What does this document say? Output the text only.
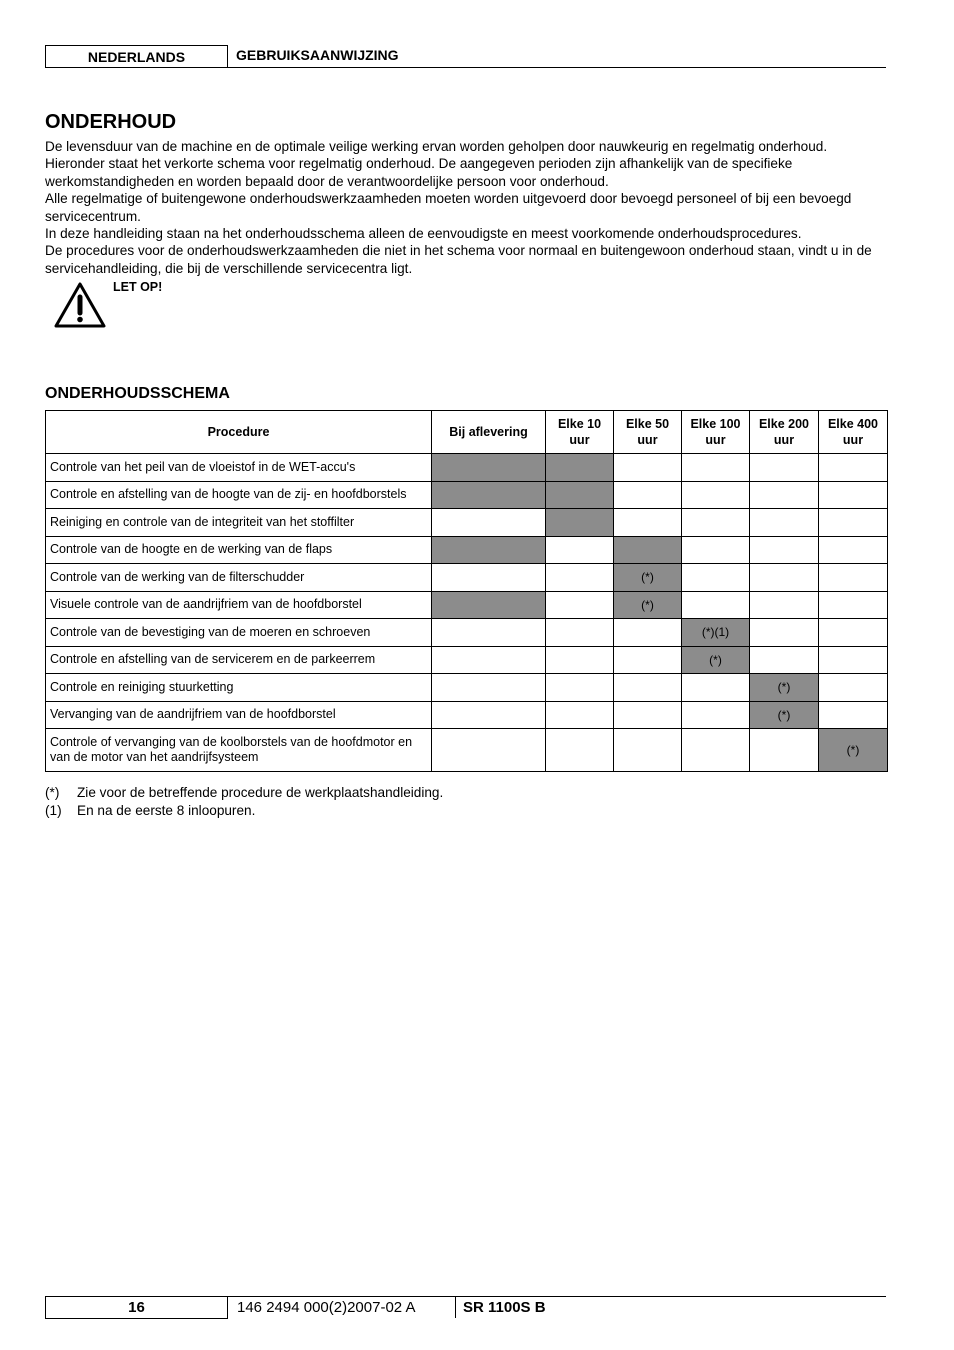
NEDERLANDS	GEBRUIKSAANWIJZING
ONDERHOUD

De levensduur van de machine en de optimale veilige werking ervan worden geholpen door nauwkeurig en regelmatig onderhoud. Hieronder staat het verkorte schema voor regelmatig onderhoud. De aangegeven perioden zijn afhankelijk van de specifieke werkomstandigheden en worden bepaald door de verantwoordelijke persoon voor onderhoud.

Alle regelmatige of buitengewone onderhoudswerkzaamheden moeten worden uitgevoerd door bevoegd personeel of bij een bevoegd servicecentrum.

In deze handleiding staan na het onderhoudsschema alleen de eenvoudigste en meest voorkomende onderhoudsprocedures.

De procedures voor de onderhoudswerkzaamheden die niet in het schema voor normaal en buitengewoon onderhoud staan, vindt u in de servicehandleiding, die bij de verschillende servicecentra ligt.

LET OP!
ONDERHOUDSSCHEMA
Procedure	Bij aflevering	Elke 10 uur	Elke 50 uur	Elke 100 uur	Elke 200 uur	Elke 400 uur
Controle van het peil van de vloeistof in de WET-accu's						
Controle en afstelling van de hoogte van de zij- en hoofdborstels						
Reiniging en controle van de integriteit van het stoffilter						
Controle van de hoogte en de werking van de flaps						
Controle van de werking van de filterschudder			(*)			
Visuele controle van de aandrijfriem van de hoofdborstel			(*)			
Controle van de bevestiging van de moeren en schroeven				(*)(1)		
Controle en afstelling van de servicerem en de parkeerrem				(*)		
Controle en reiniging stuurketting					(*)	
Vervanging van de aandrijfriem van de hoofdborstel					(*)	
Controle of vervanging van de koolborstels van de hoofdmotor en van de motor van het aandrijfsysteem						(*)
(*)	Zie voor de betreffende procedure de werkplaatshandleiding.
(1)	En na de eerste 8 inloopuren.
16	146 2494 000(2)2007-02 A	SR 1100S B
